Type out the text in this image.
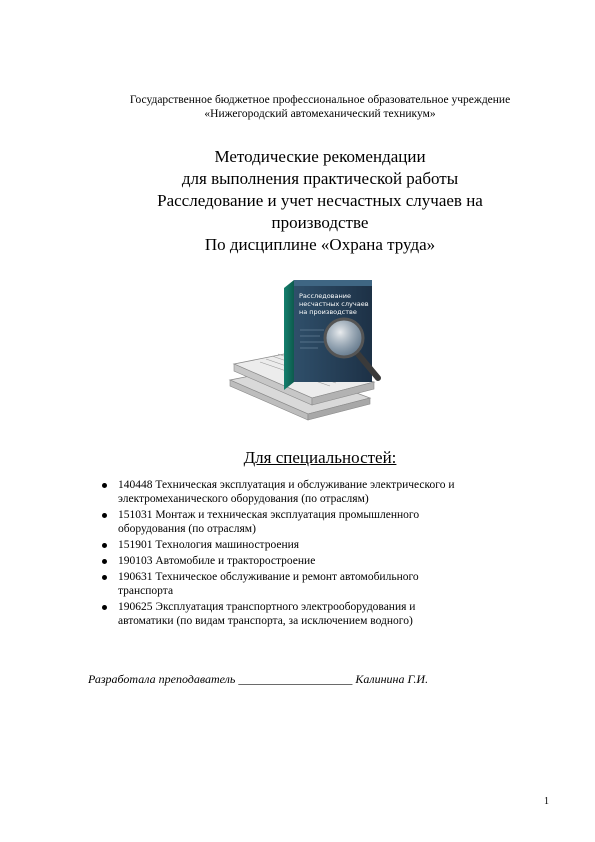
Государственное бюджетное профессиональное образовательное учреждение
«Нижегородский автомеханический техникум»
Методические рекомендации
для выполнения практической работы
Расследование и учет несчастных случаев на
производстве
По дисциплине «Охрана труда»
Расследование
несчастных случаев
на производстве
Для специальностей:
140448 Техническая эксплуатация и обслуживание электрического и
электромеханического оборудования (по отраслям)
151031 Монтаж и техническая эксплуатация промышленного
оборудования (по отраслям)
151901 Технология машиностроения
190103 Автомобиле и тракторостроение
190631 Техническое обслуживание и ремонт автомобильного
транспорта
190625 Эксплуатация транспортного электрооборудования и
автоматики (по видам транспорта, за исключением водного)
Разработала преподаватель ___________________ Калинина Г.И.
1
